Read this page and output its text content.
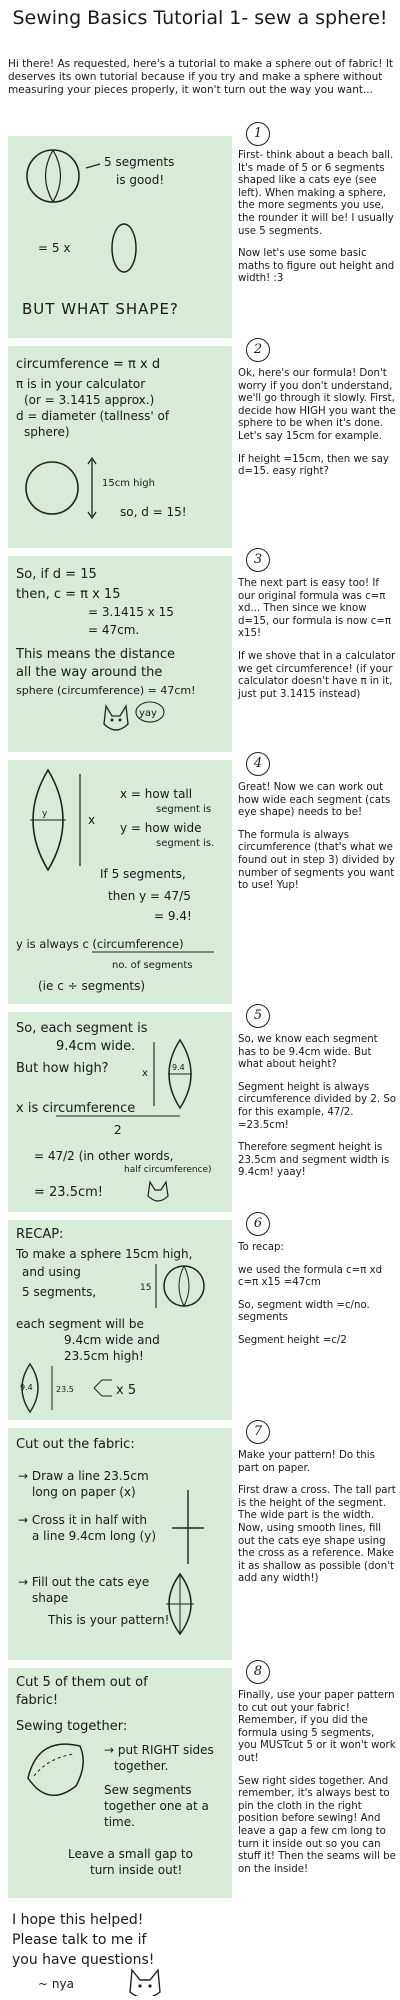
Sewing Basics Tutorial 1- sew a sphere!
Hi there! As requested, here's a tutorial to make a sphere out of fabric! It deserves its own tutorial because if you try and make a sphere without measuring your pieces properly, it won't turn out the way you want...
5 segments
is good!
= 5 x
BUT WHAT SHAPE?
1

First- think about a beach ball. It's made of 5 or 6 segments shaped like a cats eye (see left). When making a sphere, the more segments you use, the rounder it will be! I usually use 5 segments.

Now let's use some basic maths to figure out height and width! :3

circumference = π x d
π is in your calculator
(or = 3.1415 approx.)
d = diameter (tallness' of
sphere)
15cm high
so, d = 15!
2

Ok, here's our formula! Don't worry if you don't understand, we'll go through it slowly. First, decide how HIGH you want the sphere to be when it's done. Let's say 15cm for example.

If height =15cm, then we say d=15. easy right?

So, if d = 15
then, c = π x 15
= 3.1415 x 15
= 47cm.
This means the distance
all the way around the
sphere (circumference) = 47cm!
yay
3

The next part is easy too! If our original formula was c=π xd... Then since we know d=15, our formula is now c=π x15!

If we shove that in a calculator we get circumference! (if your calculator doesn't have π in it, just put 3.1415 instead)

y	x
x = how tall
segment is
y = how wide
segment is.
If 5 segments,
then y = 47/5
= 9.4!
y is always c (circumference)
no. of segments
(ie c ÷ segments)
4

Great! Now we can work out how wide each segment (cats eye shape) needs to be!

The formula is always circumference (that's what we found out in step 3) divided by number of segments you want to use! Yup!

So, each segment is
9.4cm wide.
But how high?	9.4
x
x is circumference
2
= 47/2 (in other words,
half circumference)
= 23.5cm!
5

So, we know each segment has to be 9.4cm wide. But what about height?

Segment height is always circumference divided by 2. So for this example, 47/2. =23.5cm!

Therefore segment height is 23.5cm and segment width is 9.4cm! yaay!

RECAP:
To make a sphere 15cm high,
and using
5 segments,	15
each segment will be
9.4cm wide and
23.5cm high!
9.4	23.5	x 5
6

To recap:

we used the formula c=π xd c=π x15 =47cm

So, segment width =c/no. segments

Segment height =c/2

Cut out the fabric:
→ Draw a line 23.5cm
long on paper (x)
→ Cross it in half with
a line 9.4cm long (y)
→ Fill out the cats eye
shape
This is your pattern!
7

Make your pattern! Do this part on paper.

First draw a cross. The tall part is the height of the segment. The wide part is the width. Now, using smooth lines, fill out the cats eye shape using the cross as a reference. Make it as shallow as possible (don't add any width!)

Cut 5 of them out of
fabric!
Sewing together:
→ put RIGHT sides
together.
Sew segments
together one at a
time.
Leave a small gap to
turn inside out!
8

Finally, use your paper pattern to cut out your fabric! Remember, if you did the formula using 5 segments, you MUSTcut 5 or it won't work out!

Sew right sides together. And remember, it's always best to pin the cloth in the right position before sewing! And leave a gap a few cm long to turn it inside out so you can stuff it! Then the seams will be on the inside!

I hope this helped!
Please talk to me if
you have questions!
~ nya
